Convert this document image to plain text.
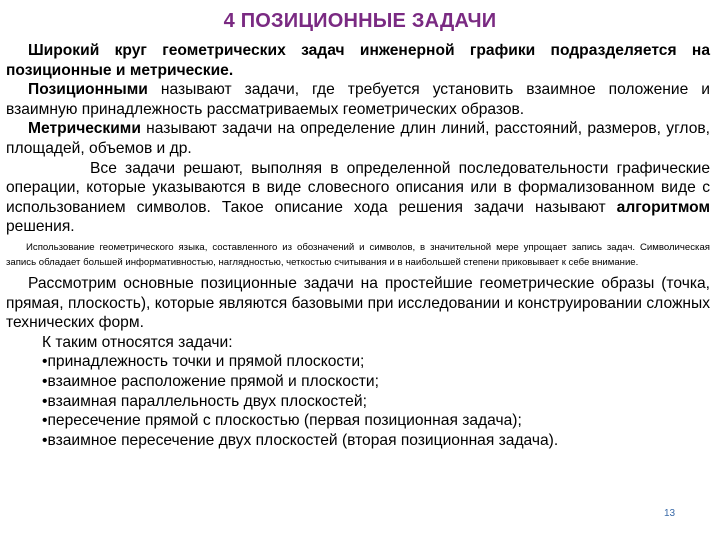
4 ПОЗИЦИОННЫЕ ЗАДАЧИ

Широкий круг геометрических задач инженерной графики подразделяется на позиционные и метрические.

Позиционными называют задачи, где требуется установить взаимное положение и взаимную принадлежность рассматриваемых геометрических образов.

Метрическими называют задачи на определение длин линий, расстояний, размеров, углов, площадей, объемов и др.

Все задачи решают, выполняя в определенной последовательности графические операции, которые указываются в виде словесного описания или в формализованном виде с использованием символов. Такое описание хода решения задачи называют алгоритмом решения.

Использование геометрического языка, составленного из обозначений и символов, в значительной мере упрощает запись задач. Символическая запись обладает большей информативностью, наглядностью, четкостью считывания и в наибольшей степени приковывает к себе внимание.

Рассмотрим основные позиционные задачи на простейшие геометрические образы (точка, прямая, плоскость), которые являются базовыми при исследовании и конструировании сложных технических форм.

К таким относятся задачи:

•принадлежность точки и прямой плоскости;

•взаимное расположение прямой и плоскости;

•взаимная параллельность двух плоскостей;

•пересечение прямой с плоскостью (первая позиционная задача);

•взаимное пересечение двух плоскостей (вторая позиционная задача).

13
